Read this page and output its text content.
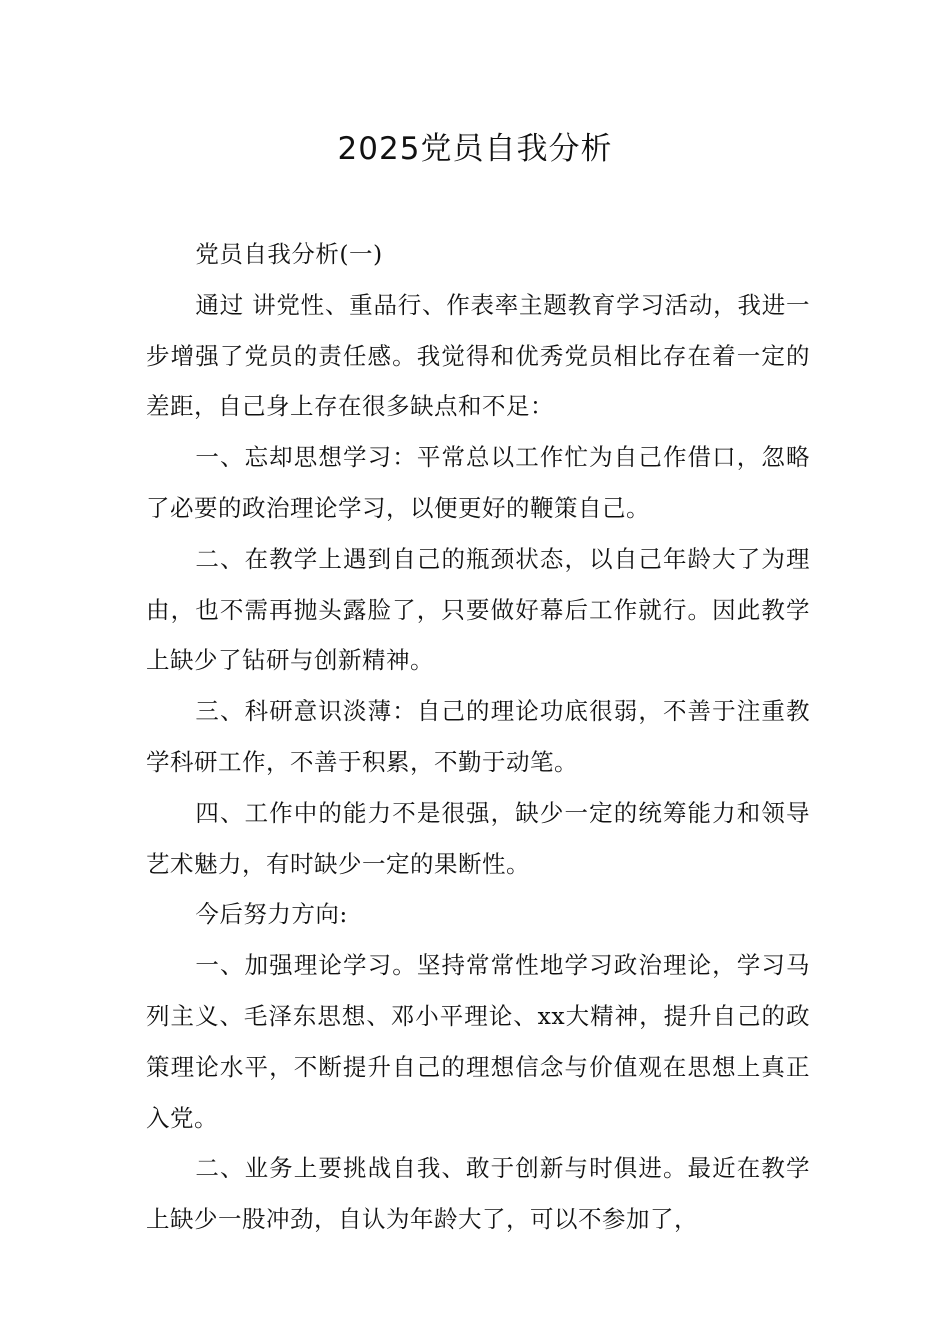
2025党员自我分析

党员自我分析(一)

通过 讲党性、重品行、作表率主题教育学习活动，我进一步增强了党员的责任感。我觉得和优秀党员相比存在着一定的差距，自己身上存在很多缺点和不足：

一、忘却思想学习：平常总以工作忙为自己作借口，忽略了必要的政治理论学习，以便更好的鞭策自己。

二、在教学上遇到自己的瓶颈状态，以自己年龄大了为理由，也不需再抛头露脸了，只要做好幕后工作就行。因此教学上缺少了钻研与创新精神。

三、科研意识淡薄：自己的理论功底很弱，不善于注重教学科研工作，不善于积累，不勤于动笔。

四、工作中的能力不是很强，缺少一定的统筹能力和领导艺术魅力，有时缺少一定的果断性。

今后努力方向:

一、加强理论学习。坚持常常性地学习政治理论，学习马列主义、毛泽东思想、邓小平理论、xx大精神，提升自己的政策理论水平，不断提升自己的理想信念与价值观在思想上真正入党。

二、业务上要挑战自我、敢于创新与时俱进。最近在教学上缺少一股冲劲，自认为年龄大了，可以不参加了，
